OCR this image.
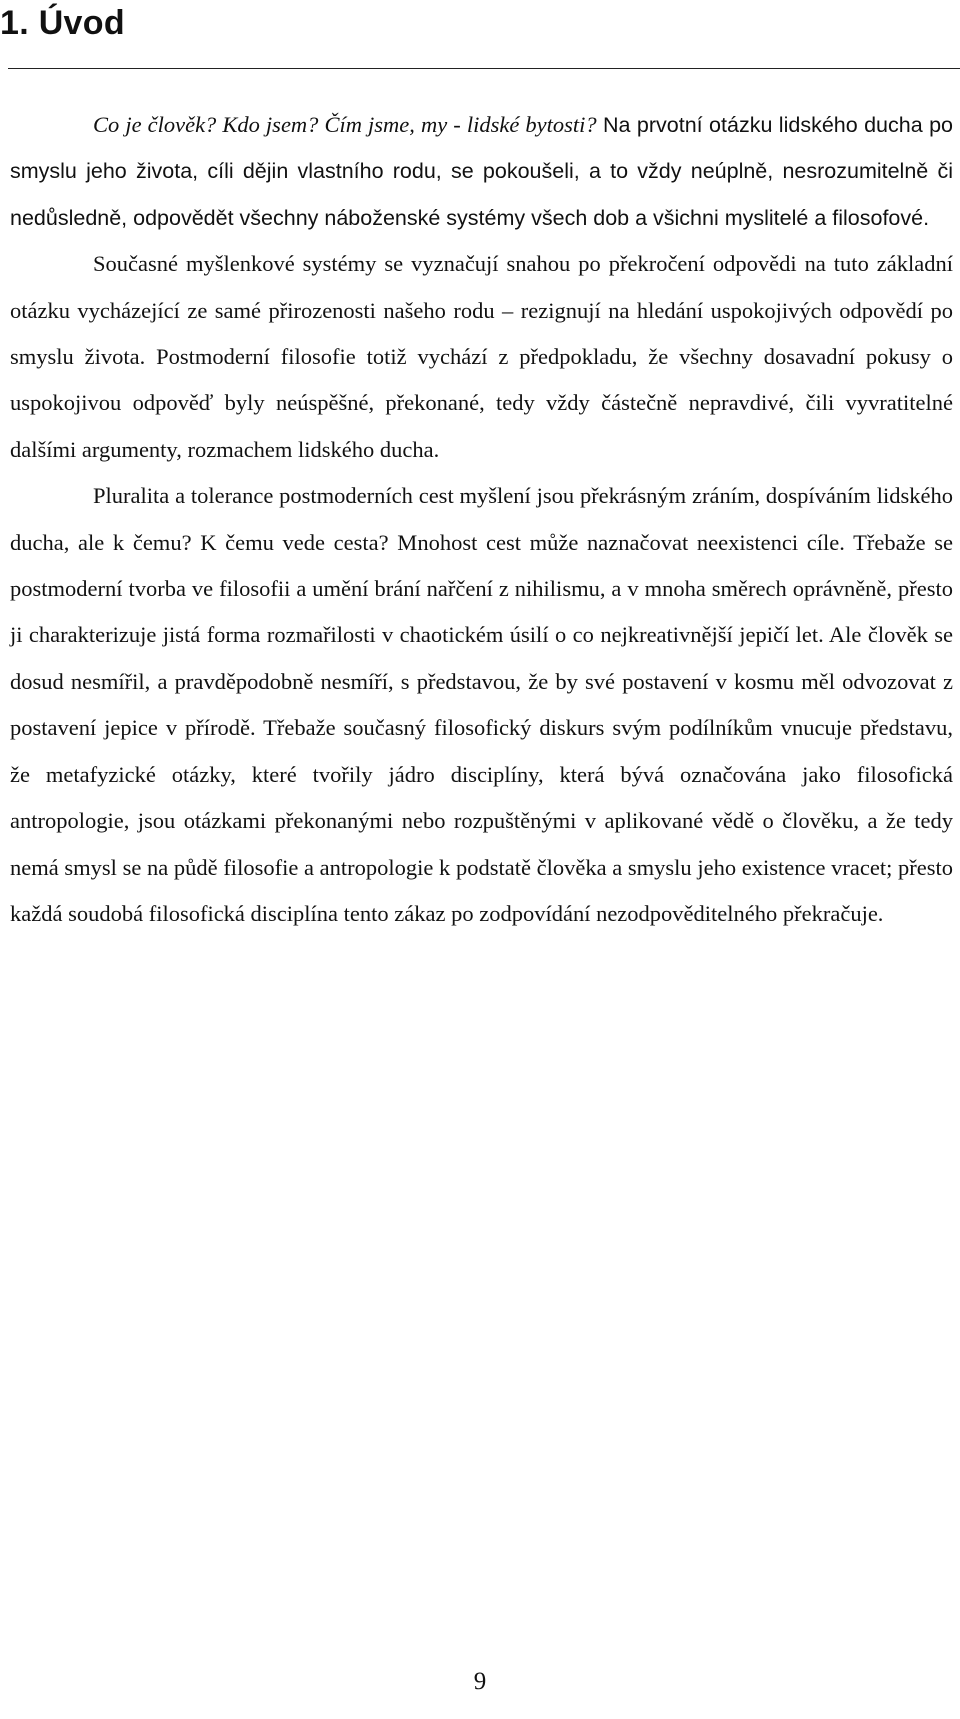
1. Úvod

Co je člověk? Kdo jsem? Čím jsme, my - lidské bytosti? Na prvotní otázku lidského ducha po smyslu jeho života, cíli dějin vlastního rodu, se pokoušeli, a to vždy neúplně, nesrozumitelně či nedůsledně, odpovědět všechny náboženské systémy všech dob a všichni myslitelé a filosofové.

Současné myšlenkové systémy se vyznačují snahou po překročení odpovědi na tuto základní otázku vycházející ze samé přirozenosti našeho rodu – rezignují na hledání uspokojivých odpovědí po smyslu života. Postmoderní filosofie totiž vychází z předpokladu, že všechny dosavadní pokusy o uspokojivou odpověď byly neúspěšné, překonané, tedy vždy částečně nepravdivé, čili vyvratitelné dalšími argumenty, rozmachem lidského ducha.

Pluralita a tolerance postmoderních cest myšlení jsou překrásným zráním, dospíváním lidského ducha, ale k čemu? K čemu vede cesta? Mnohost cest může naznačovat neexistenci cíle. Třebaže se postmoderní tvorba ve filosofii a umění brání nařčení z nihilismu, a v mnoha směrech oprávněně, přesto ji charakterizuje jistá forma rozmařilosti v chaotickém úsilí o co nejkreativnější jepičí let. Ale člověk se dosud nesmířil, a pravděpodobně nesmíří, s představou, že by své postavení v kosmu měl odvozovat z postavení jepice v přírodě. Třebaže současný filosofický diskurs svým podílníkům vnucuje představu, že metafyzické otázky, které tvořily jádro disciplíny, která bývá označována jako filosofická antropologie, jsou otázkami překonanými nebo rozpuštěnými v aplikované vědě o člověku, a že tedy nemá smysl se na půdě filosofie a antropologie k podstatě člověka a smyslu jeho existence vracet; přesto každá soudobá filosofická disciplína tento zákaz po zodpovídání nezodpověditelného překračuje.

9
